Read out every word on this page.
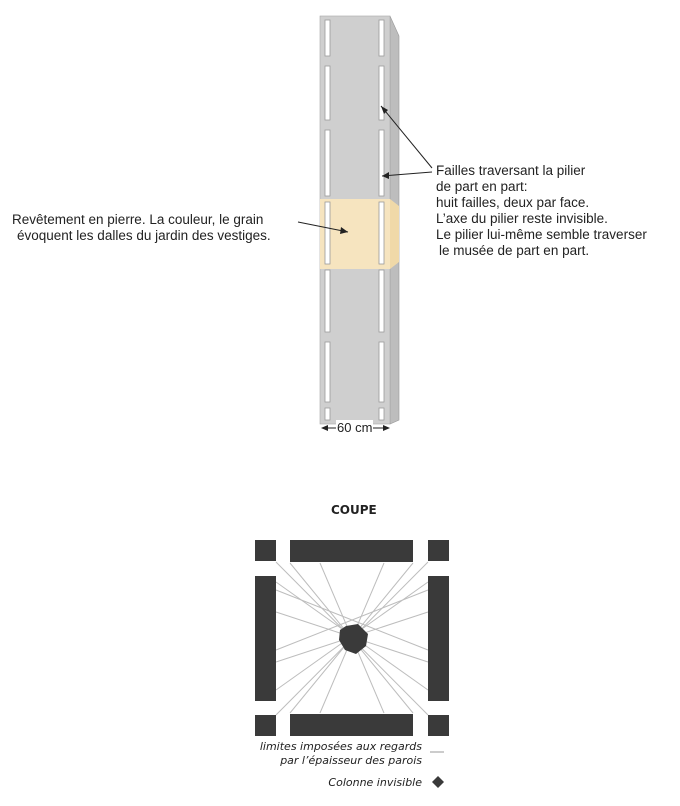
Revêtement en pierre. La couleur, le grain
évoquent les dalles du jardin des vestiges.
Failles traversant la pilier
de part en part:
huit failles, deux par face.
L’axe du pilier reste invisible.
Le pilier lui-même semble traverser
le musée de part en part.
60 cm
COUPE
limites imposées aux regards
par l’épaisseur des parois
Colonne invisible
